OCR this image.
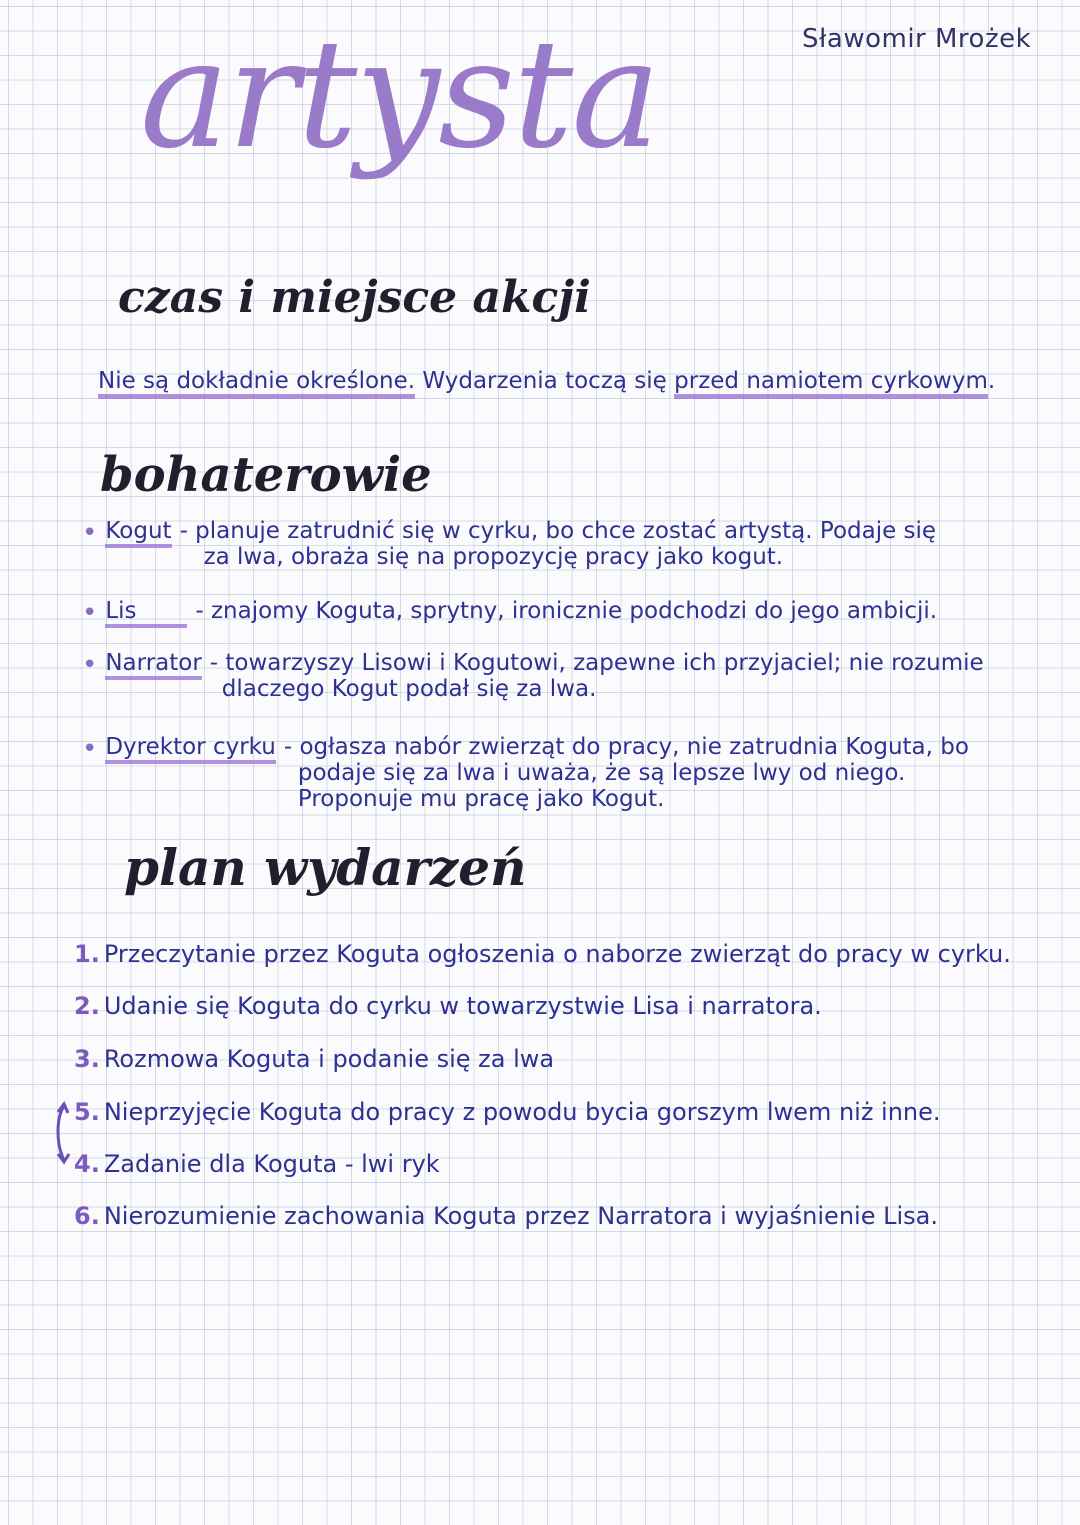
Sławomir Mrożek
artysta
czas i miejsce akcji
Nie są dokładnie określone. Wydarzenia toczą się przed namiotem cyrkowym.
bohaterowie
• Kogut - planuje zatrudnić się w cyrku, bo chce zostać artystą. Podaje się
za lwa, obraża się na propozycję pracy jako kogut.
• Lis	- znajomy Koguta, sprytny, ironicznie podchodzi do jego ambicji.
• Narrator - towarzyszy Lisowi i Kogutowi, zapewne ich przyjaciel; nie rozumie
dlaczego Kogut podał się za lwa.
• Dyrektor cyrku - ogłasza nabór zwierząt do pracy, nie zatrudnia Koguta, bo
podaje się za lwa i uważa, że są lepsze lwy od niego.
Proponuje mu pracę jako Kogut.
plan wydarzeń
1. Przeczytanie przez Koguta ogłoszenia o naborze zwierząt do pracy w cyrku.
2. Udanie się Koguta do cyrku w towarzystwie Lisa i narratora.
3. Rozmowa Koguta i podanie się za lwa
5. Nieprzyjęcie Koguta do pracy z powodu bycia gorszym lwem niż inne.
4. Zadanie dla Koguta - lwi ryk
6. Nierozumienie zachowania Koguta przez Narratora i wyjaśnienie Lisa.
